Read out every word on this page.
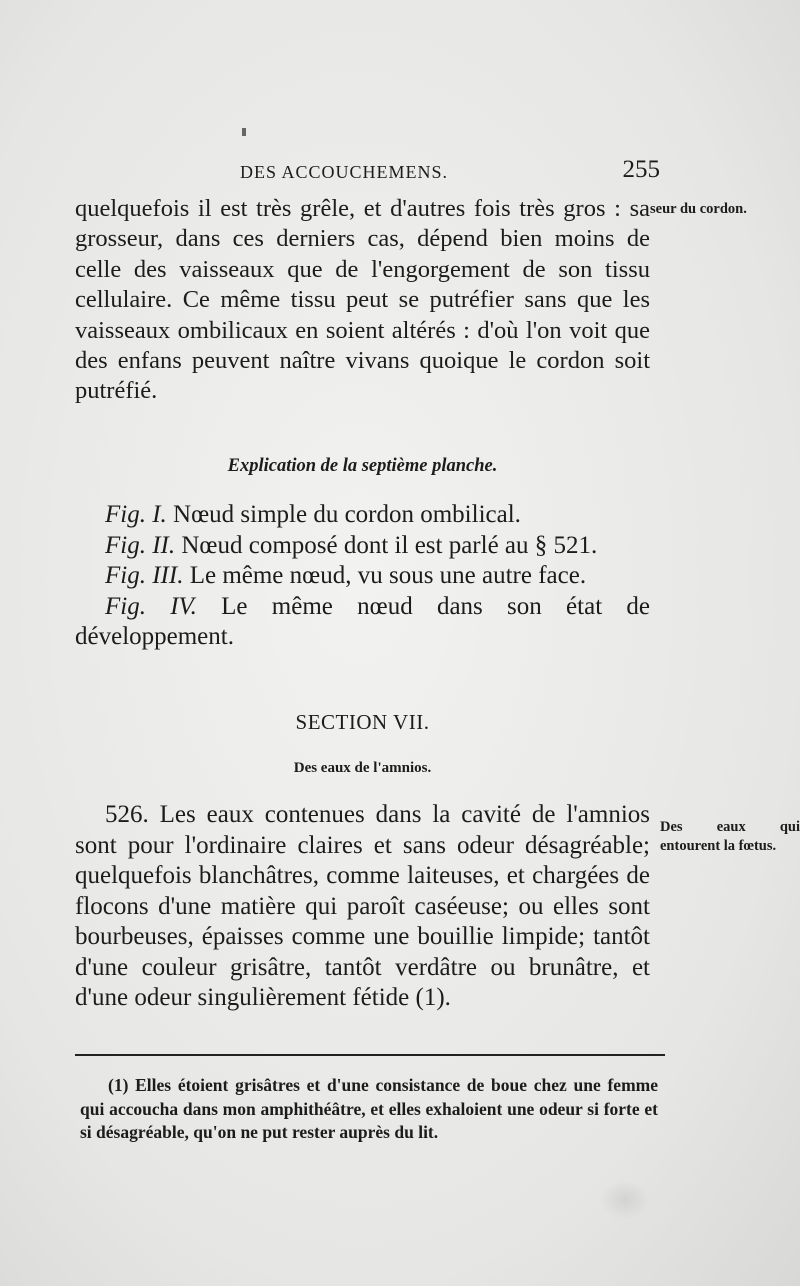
DES ACCOUCHEMENS.	255
seur du cordon.
quelquefois il est très grêle, et d'autres fois très gros : sa grosseur, dans ces derniers cas, dépend bien moins de celle des vaisseaux que de l'engorgement de son tissu cellulaire. Ce même tissu peut se putréfier sans que les vaisseaux ombilicaux en soient altérés : d'où l'on voit que des enfans peuvent naître vivans quoique le cordon soit putréfié.
Explication de la septième planche.

Fig. I. Nœud simple du cordon ombilical.

Fig. II. Nœud composé dont il est parlé au § 521.

Fig. III. Le même nœud, vu sous une autre face.

Fig. IV. Le même nœud dans son état de développement.

SECTION VII.
Des eaux de l'amnios.
Des eaux qui entourent la fœtus.
526. Les eaux contenues dans la cavité de l'amnios sont pour l'ordinaire claires et sans odeur désagréable; quelquefois blanchâtres, comme laiteuses, et chargées de flocons d'une matière qui paroît caséeuse; ou elles sont bourbeuses, épaisses comme une bouillie limpide; tantôt d'une couleur grisâtre, tantôt verdâtre ou brunâtre, et d'une odeur singulièrement fétide (1).
(1) Elles étoient grisâtres et d'une consistance de boue chez une femme qui accoucha dans mon amphithéâtre, et elles exhaloient une odeur si forte et si désagréable, qu'on ne put rester auprès du lit.
